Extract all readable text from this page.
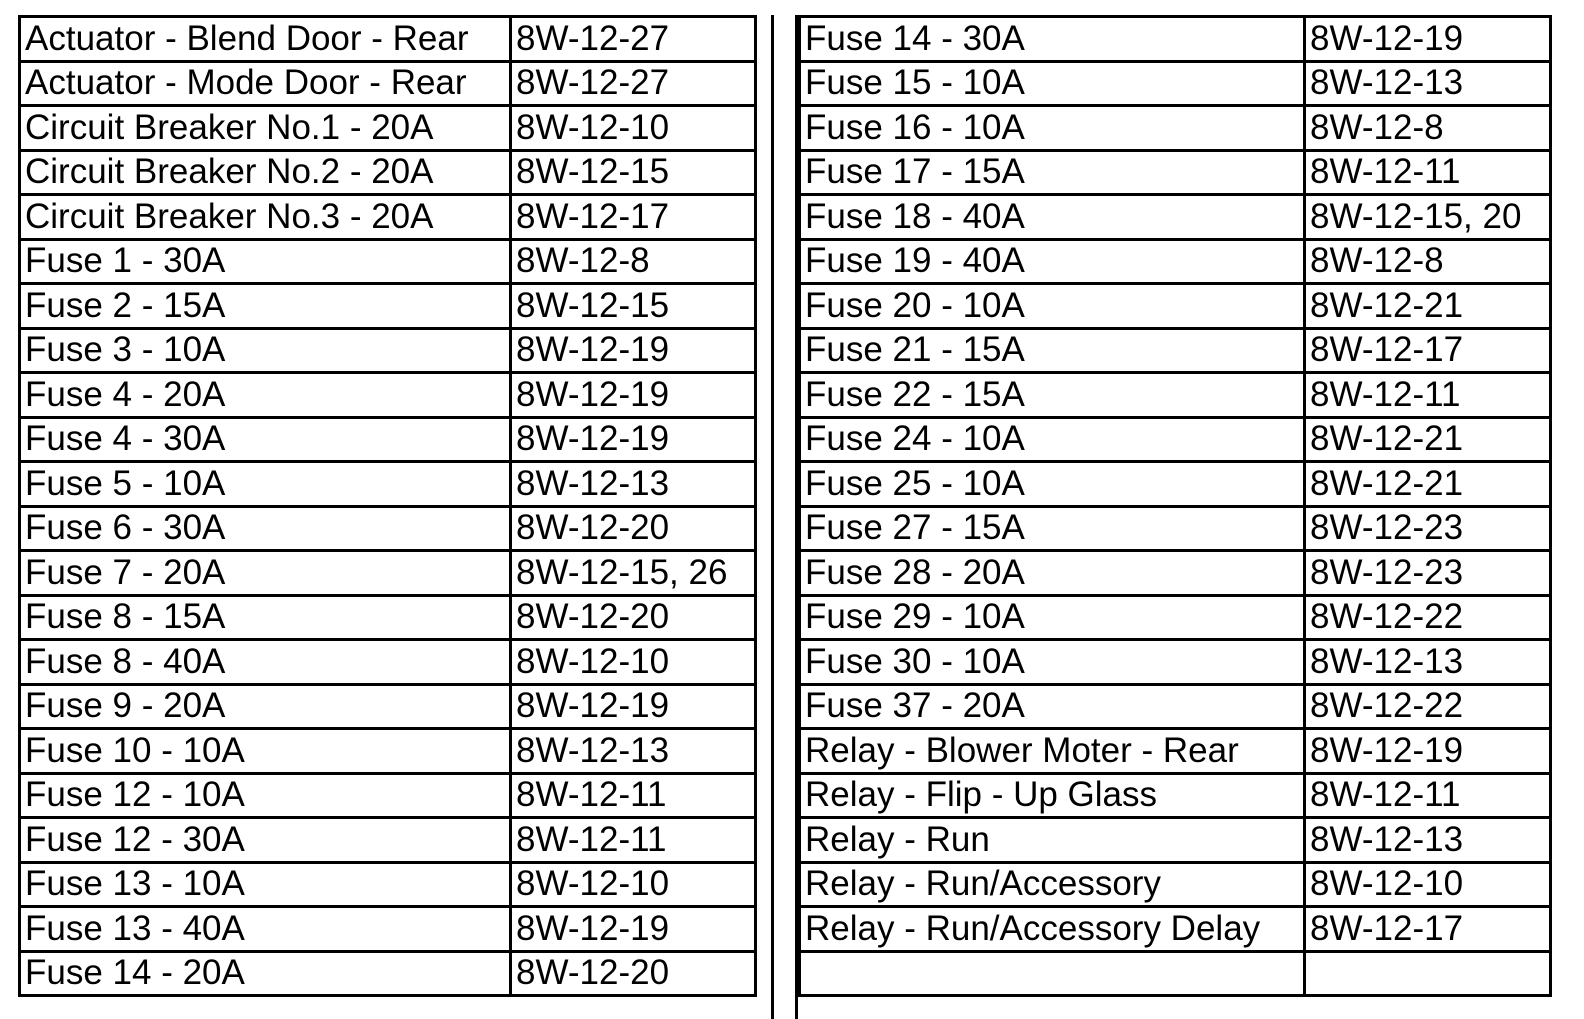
Actuator - Blend Door - Rear	8W-12-27
Actuator - Mode Door - Rear	8W-12-27
Circuit Breaker No.1 - 20A	8W-12-10
Circuit Breaker No.2 - 20A	8W-12-15
Circuit Breaker No.3 - 20A	8W-12-17
Fuse 1 - 30A	8W-12-8
Fuse 2 - 15A	8W-12-15
Fuse 3 - 10A	8W-12-19
Fuse 4 - 20A	8W-12-19
Fuse 4 - 30A	8W-12-19
Fuse 5 - 10A	8W-12-13
Fuse 6 - 30A	8W-12-20
Fuse 7 - 20A	8W-12-15, 26
Fuse 8 - 15A	8W-12-20
Fuse 8 - 40A	8W-12-10
Fuse 9 - 20A	8W-12-19
Fuse 10 - 10A	8W-12-13
Fuse 12 - 10A	8W-12-11
Fuse 12 - 30A	8W-12-11
Fuse 13 - 10A	8W-12-10
Fuse 13 - 40A	8W-12-19
Fuse 14 - 20A	8W-12-20
Fuse 14 - 30A	8W-12-19
Fuse 15 - 10A	8W-12-13
Fuse 16 - 10A	8W-12-8
Fuse 17 - 15A	8W-12-11
Fuse 18 - 40A	8W-12-15, 20
Fuse 19 - 40A	8W-12-8
Fuse 20 - 10A	8W-12-21
Fuse 21 - 15A	8W-12-17
Fuse 22 - 15A	8W-12-11
Fuse 24 - 10A	8W-12-21
Fuse 25 - 10A	8W-12-21
Fuse 27 - 15A	8W-12-23
Fuse 28 - 20A	8W-12-23
Fuse 29 - 10A	8W-12-22
Fuse 30 - 10A	8W-12-13
Fuse 37 - 20A	8W-12-22
Relay - Blower Moter - Rear	8W-12-19
Relay - Flip - Up Glass	8W-12-11
Relay - Run	8W-12-13
Relay - Run/Accessory	8W-12-10
Relay - Run/Accessory Delay	8W-12-17
